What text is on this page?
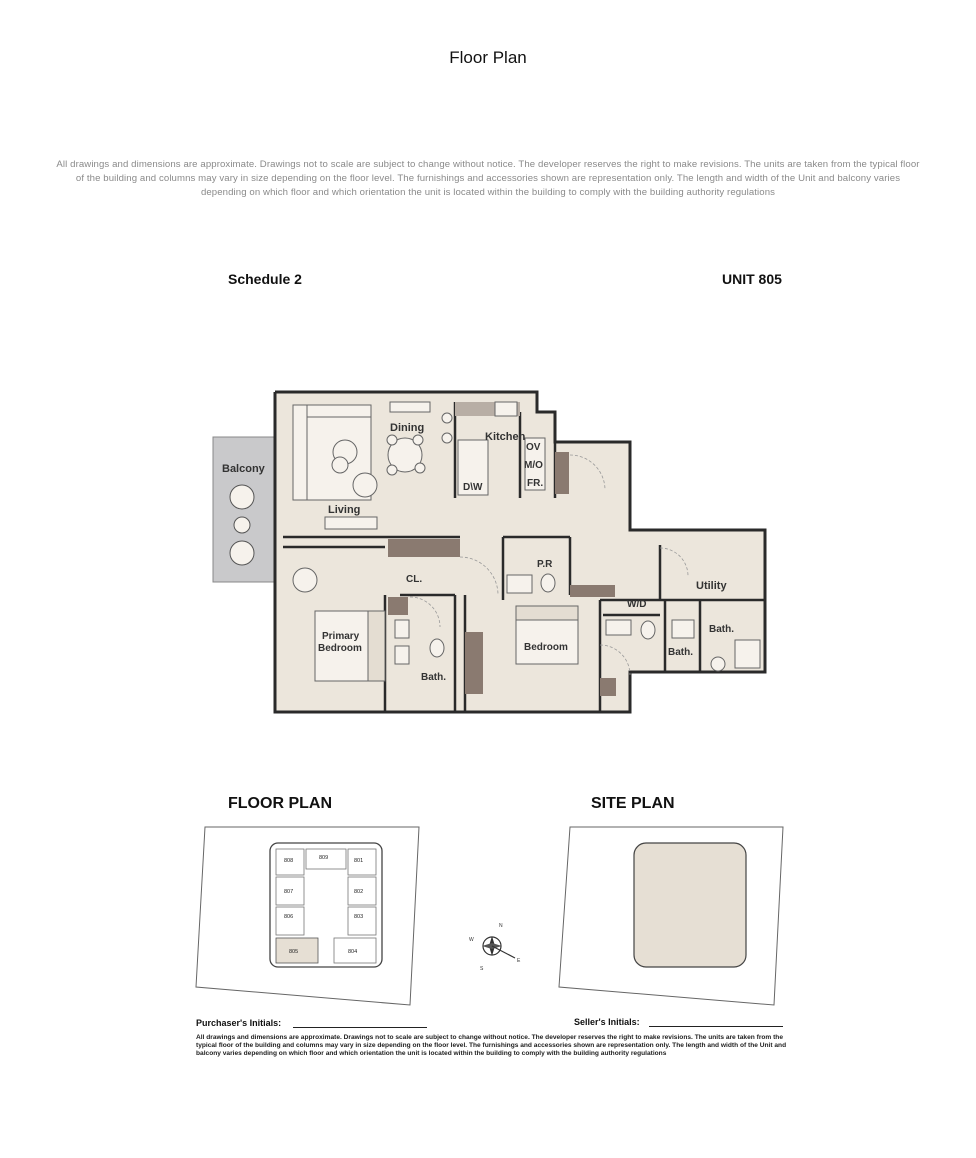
Floor Plan
All drawings and dimensions are approximate. Drawings not to scale are subject to change without notice. The developer reserves the right to make revisions. The units are taken from the typical floor of the building and columns may vary in size depending on the floor level. The furnishings and accessories shown are representation only. The length and width of the Unit and balcony varies depending on which floor and which orientation the unit is located within the building to comply with the building authority regulations
Schedule 2	UNIT 805
Balcony
Dining
Kitchen
OV
M/O
FR.
D\W
Living
P.R
CL.
Utility
W/D
Bath.
Bath.
Primary
Bedroom	Bedroom
Bath.
FLOOR PLAN	SITE PLAN
808	809	801
807	802
806	803
805	804
N
S
E
W
Purchaser's Initials:	Seller's Initials:
All drawings and dimensions are approximate. Drawings not to scale are subject to change without notice. The developer reserves the right to make revisions. The units are taken from the typical floor of the building and columns may vary in size depending on the floor level. The furnishings and accessories shown are representation only. The length and width of the Unit and balcony varies depending on which floor and which orientation the unit is located within the building to comply with the building authority regulations
